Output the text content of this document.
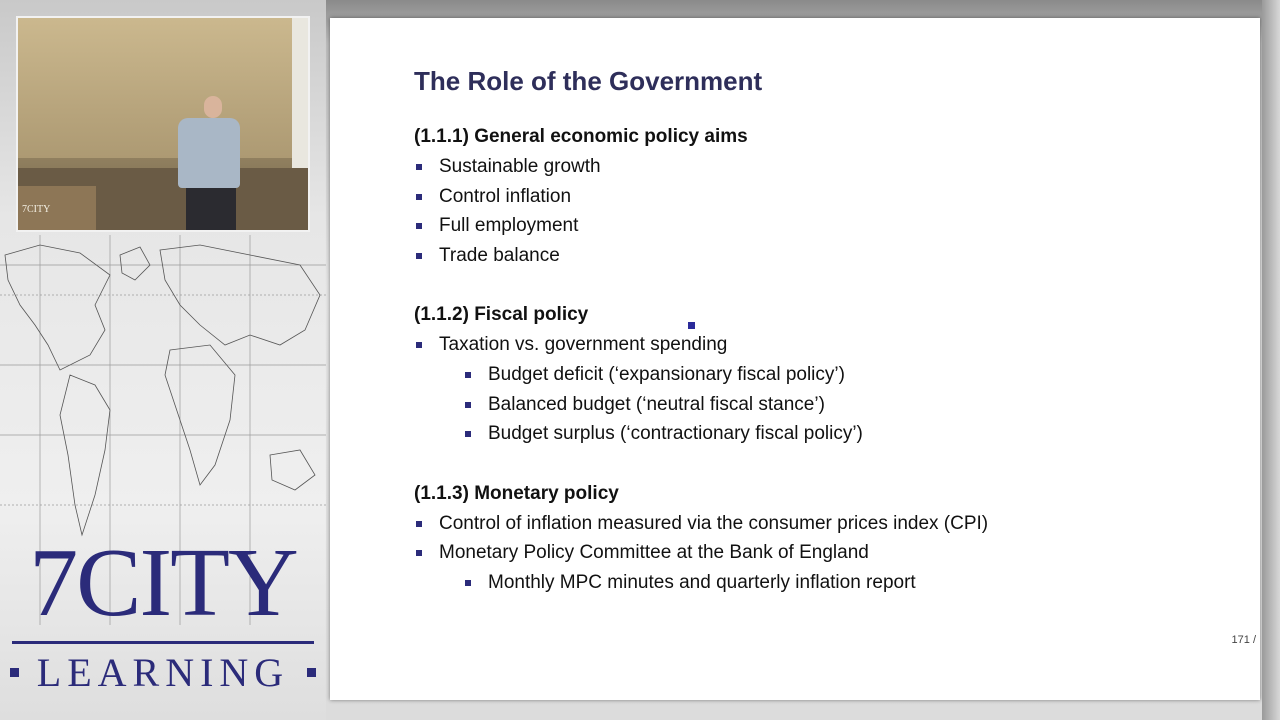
7CITY
7CITY
LEARNING
The Role of the Government
(1.1.1) General economic policy aims
Sustainable growth
Control inflation
Full employment
Trade balance
(1.1.2) Fiscal policy
Taxation vs. government spending
Budget deficit (‘expansionary fiscal policy’)
Balanced budget (‘neutral fiscal stance’)
Budget surplus (‘contractionary fiscal policy’)
(1.1.3) Monetary policy
Control of inflation measured via the consumer prices index (CPI)
Monetary Policy Committee at the Bank of England
Monthly MPC minutes and quarterly inflation report
171 /
